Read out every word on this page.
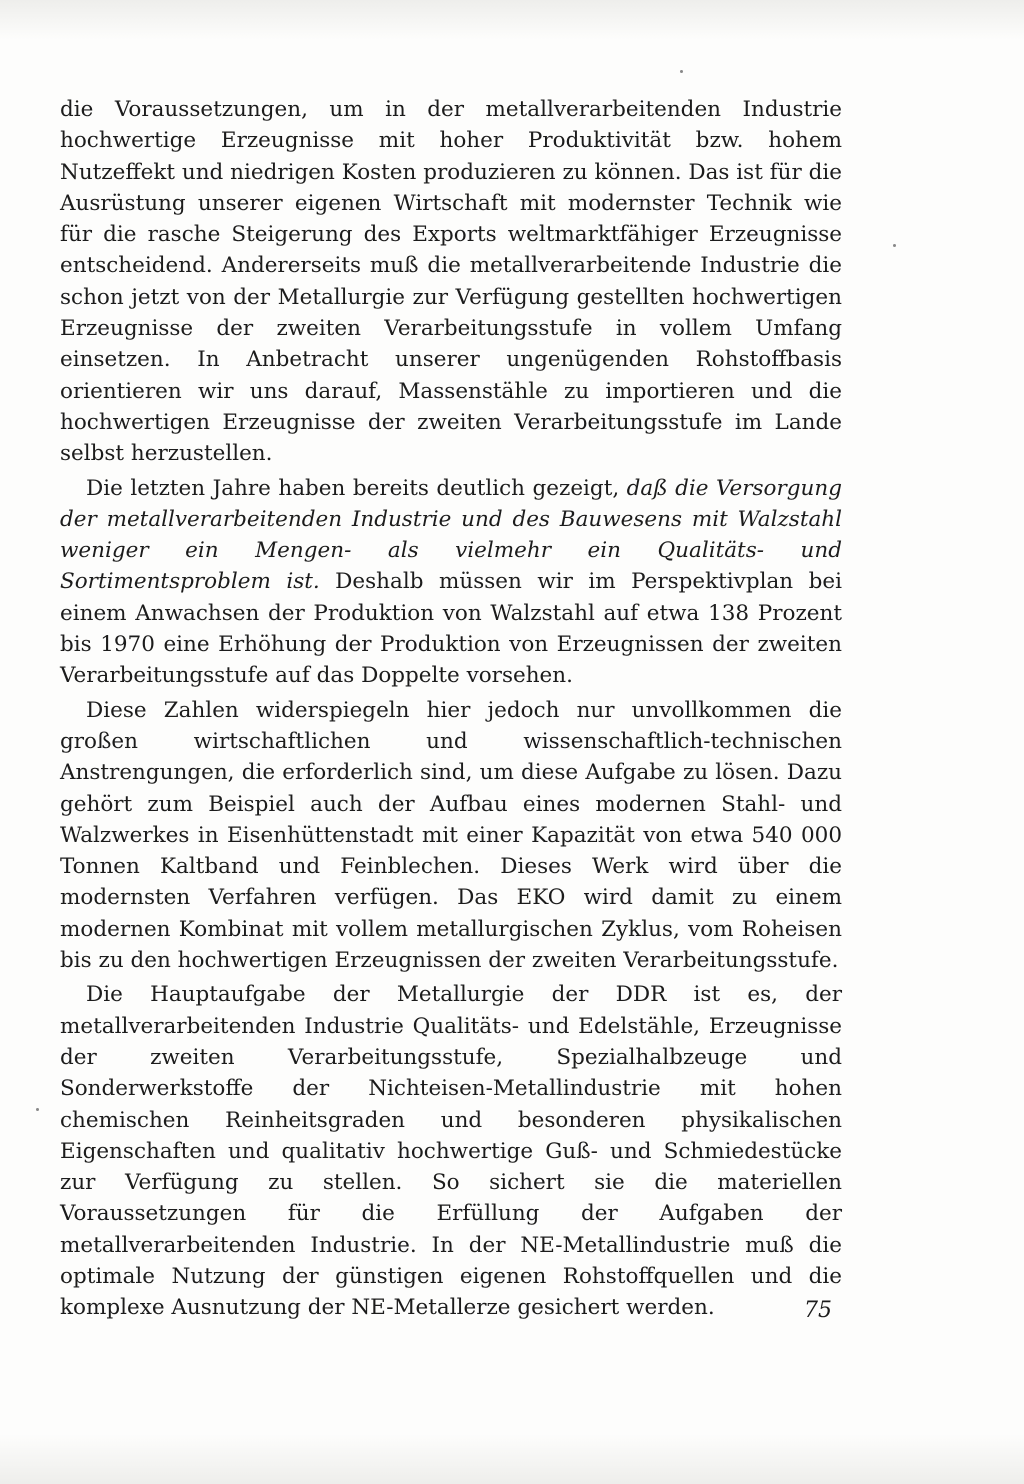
die Voraussetzungen, um in der metallverarbeitenden Industrie hochwertige Erzeugnisse mit hoher Produktivität bzw. hohem Nutzeffekt und niedrigen Kosten produzieren zu können. Das ist für die Ausrüstung unserer eigenen Wirtschaft mit modernster Technik wie für die rasche Steigerung des Exports weltmarktfähiger Erzeugnisse entscheidend. Andererseits muß die metallverarbeitende Industrie die schon jetzt von der Metallurgie zur Verfügung gestellten hochwertigen Erzeugnisse der zweiten Verarbeitungsstufe in vollem Umfang einsetzen. In Anbetracht unserer ungenügenden Rohstoffbasis orientieren wir uns darauf, Massenstähle zu importieren und die hochwertigen Erzeugnisse der zweiten Verarbeitungsstufe im Lande selbst herzustellen.

Die letzten Jahre haben bereits deutlich gezeigt, daß die Versorgung der metallverarbeitenden Industrie und des Bauwesens mit Walzstahl weniger ein Mengen- als vielmehr ein Qualitäts- und Sortimentsproblem ist. Deshalb müssen wir im Perspektivplan bei einem Anwachsen der Produktion von Walzstahl auf etwa 138 Prozent bis 1970 eine Erhöhung der Produktion von Erzeugnissen der zweiten Verarbeitungsstufe auf das Doppelte vorsehen.

Diese Zahlen widerspiegeln hier jedoch nur unvollkommen die großen wirtschaftlichen und wissenschaftlich-technischen Anstrengungen, die erforderlich sind, um diese Aufgabe zu lösen. Dazu gehört zum Beispiel auch der Aufbau eines modernen Stahl- und Walzwerkes in Eisenhüttenstadt mit einer Kapazität von etwa 540 000 Tonnen Kaltband und Feinblechen. Dieses Werk wird über die modernsten Verfahren verfügen. Das EKO wird damit zu einem modernen Kombinat mit vollem metallurgischen Zyklus, vom Roheisen bis zu den hochwertigen Erzeugnissen der zweiten Verarbeitungsstufe.

Die Hauptaufgabe der Metallurgie der DDR ist es, der metallverarbeitenden Industrie Qualitäts- und Edelstähle, Erzeugnisse der zweiten Verarbeitungsstufe, Spezialhalbzeuge und Sonderwerkstoffe der Nichteisen-Metallindustrie mit hohen chemischen Reinheitsgraden und besonderen physikalischen Eigenschaften und qualitativ hochwertige Guß- und Schmiedestücke zur Verfügung zu stellen. So sichert sie die materiellen Voraussetzungen für die Erfüllung der Aufgaben der metallverarbeitenden Industrie. In der NE-Metallindustrie muß die optimale Nutzung der günstigen eigenen Rohstoffquellen und die komplexe Ausnutzung der NE-Metallerze gesichert werden.	75
